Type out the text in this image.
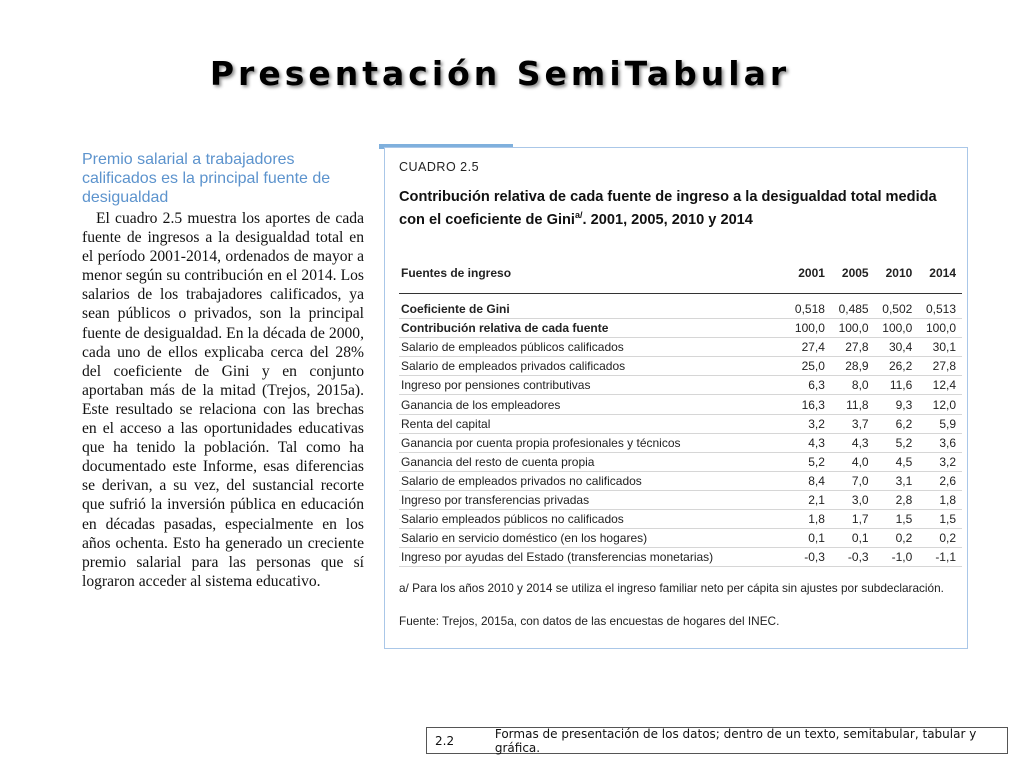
Presentación SemiTabular
Premio salarial a trabajadores calificados es la principal fuente de desigualdad

El cuadro 2.5 muestra los aportes de cada fuente de ingresos a la desigualdad total en el período 2001-2014, ordenados de mayor a menor según su contribución en el 2014. Los salarios de los trabajadores calificados, ya sean públicos o privados, son la principal fuente de desigualdad. En la década de 2000, cada uno de ellos explicaba cerca del 28% del coeficiente de Gini y en conjunto aportaban más de la mitad (Trejos, 2015a). Este resultado se relaciona con las brechas en el acceso a las oportunidades educativas que ha tenido la población. Tal como ha documentado este Informe, esas diferencias se derivan, a su vez, del sustancial recorte que sufrió la inversión pública en educación en décadas pasadas, especialmente en los años ochenta. Esto ha generado un creciente premio salarial para las personas que sí lograron acceder al sistema educativo.

CUADRO 2.5
Contribución relativa de cada fuente de ingreso a la desigualdad total medida con el coeficiente de Gini$^{a/}$. 2001, 2005, 2010 y 2014
Fuentes de ingreso	2001	2005	2010	2014

Coeficiente de Gini	0,518	0,485	0,502	0,513
Contribución relativa de cada fuente	100,0	100,0	100,0	100,0
Salario de empleados públicos calificados	27,4	27,8	30,4	30,1
Salario de empleados privados calificados	25,0	28,9	26,2	27,8
Ingreso por pensiones contributivas	6,3	8,0	11,6	12,4
Ganancia de los empleadores	16,3	11,8	9,3	12,0
Renta del capital	3,2	3,7	6,2	5,9
Ganancia por cuenta propia profesionales y técnicos	4,3	4,3	5,2	3,6
Ganancia del resto de cuenta propia	5,2	4,0	4,5	3,2
Salario de empleados privados no calificados	8,4	7,0	3,1	2,6
Ingreso por transferencias privadas	2,1	3,0	2,8	1,8
Salario empleados públicos no calificados	1,8	1,7	1,5	1,5
Salario en servicio doméstico (en los hogares)	0,1	0,1	0,2	0,2
Ingreso por ayudas del Estado (transferencias monetarias)	-0,3	-0,3	-1,0	-1,1
a/ Para los años 2010 y 2014 se utiliza el ingreso familiar neto per cápita sin ajustes por subdeclaración.
Fuente: Trejos, 2015a, con datos de las encuestas de hogares del INEC.
2.2	Formas de presentación de los datos; dentro de un texto, semitabular, tabular y gráfica.
